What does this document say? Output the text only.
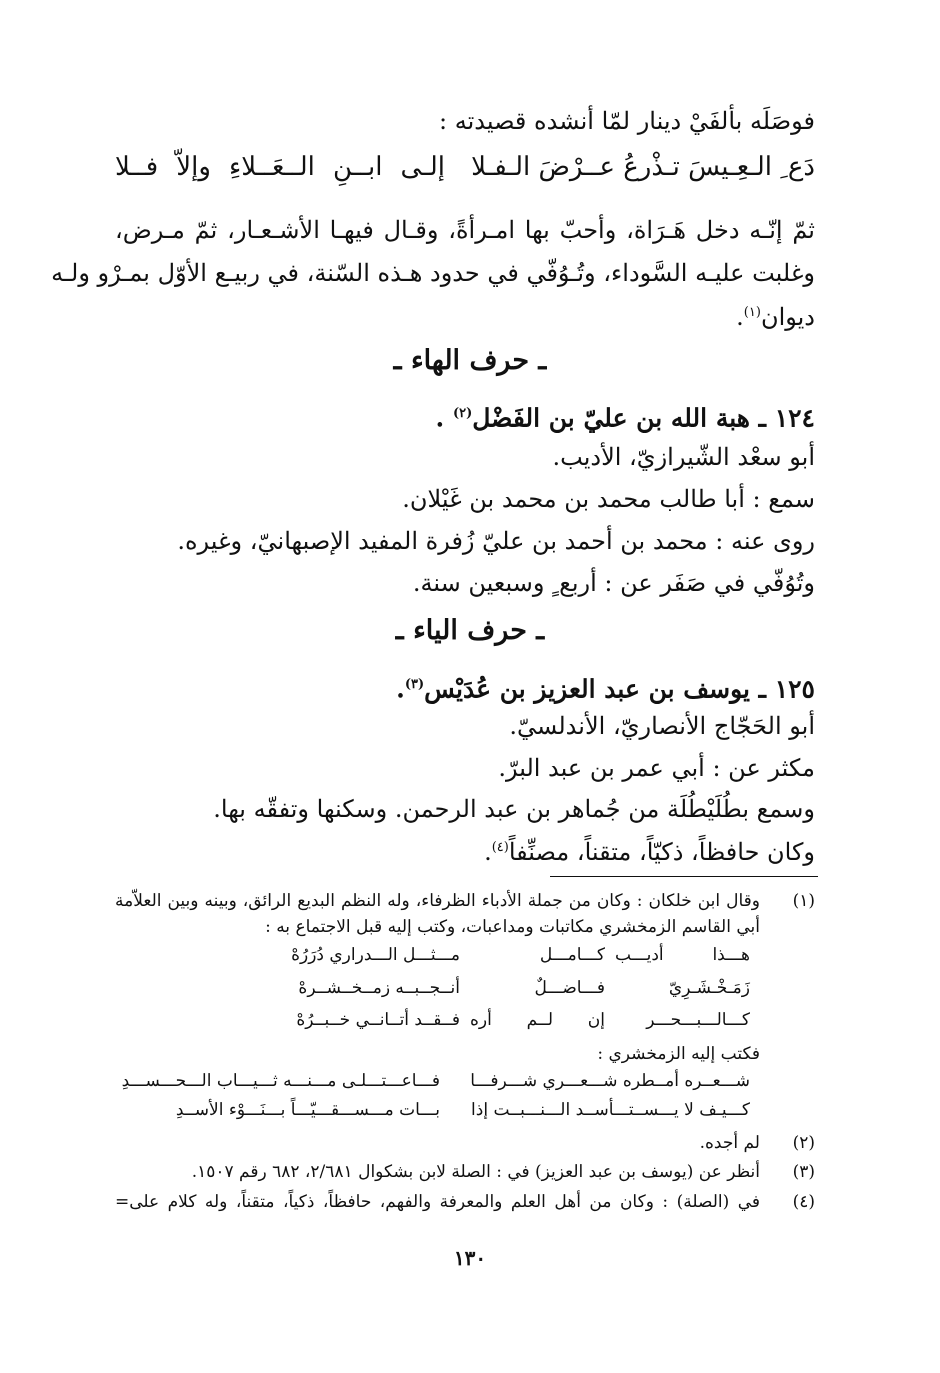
فوصَلَه بألفَيْ دينار لمّا أنشده قصيدته :
دَع ِ الـعِـيسَ تـذْرعُ عــرْضَ الـفـلا
إلـى ابــنِ الــعَــلاءِ وإلاّ فــلا
ثمّ إنّـه دخل هَـرَاة، وأحبّ بها امـرأةً، وقـال فيهـا الأشـعـار، ثمّ مـرض،
وغلبت عليـه السَّوداء، وتُـوُفّي في حدود هـذه السّنة، في ربيـع الأوّل بمـرْو ولـه
ديوان$^{(١)}$.
ـ حرف الهاء ـ
١٢٤ ـ هبة الله بن عليّ بن الفَضْل$^{(٢)}$ .
أبو سعْد الشّيرازيّ، الأديب.
سمع : أبا طالب محمد بن محمد بن غَيْلان.
روى عنه : محمد بن أحمد بن عليّ زُفرة المفيد الإصبهانيّ، وغيره.
وتُوُفّي في صَفَر عن : أربع ٍ وسبعين سنة.
ـ حرف الياء ـ
١٢٥ ـ يوسف بن عبد العزيز بن عُدَيْس$^{(٣)}$.
أبو الحَجّاج الأنصاريّ، الأندلسيّ.
مكثر عن : أبي عمر بن عبد البرّ.
وسمع بطُلَيْطُلَة من جُماهر بن عبد الرحمن. وسكنها وتفقّه بها.
وكان حافظاً، ذكيّاً، متقناً، مصنِّفاً$^{(٤)}$.
(١)
وقال ابن خلكان : وكان من جملة الأدباء الظرفاء، وله النظم البديع الرائق، وبينه وبين العلاّمة
أبي القاسم الزمخشري مكاتبات ومداعبات، وكتب إليه قبل الاجتماع به :
هـــذا أديـــب
كـــامـــل
مـــثـــل الـــدراري دُرَرُهْ
زَمَـخْـشَـرِيّ
فـــاضـــلٌ
أنــجــبــه زمــخــشــرهْ
كـــالـــبـــحـــر
إن لــم أره
فــقــد أتــانــي خــبــرُهْ
فكتب إليه الزمخشري :
شـــعــره أمــطره شـــعـــري شـــرفـــا
فـــاعـــتـــلـى مـــنـــه ثـــيـــاب الـــحـــســـدِ
كـــيـف لا يـــســتـــأســد الـــنـــبــت إذا
بـــات مـــســـقـــيّـــاً بـــنَـــوْء الأســدِ
(٢)
لم أجده.
(٣)
أنظر عن (يوسف بن عبد العزيز) في : الصلة لابن بشكوال ٢/٦٨١، ٦٨٢ رقم ١٥٠٧.
(٤)
في (الصلة) : وكان من أهل العلم والمعرفة والفهم، حافظاً، ذكياً، متقناً، وله كلام على=
١٣٠
